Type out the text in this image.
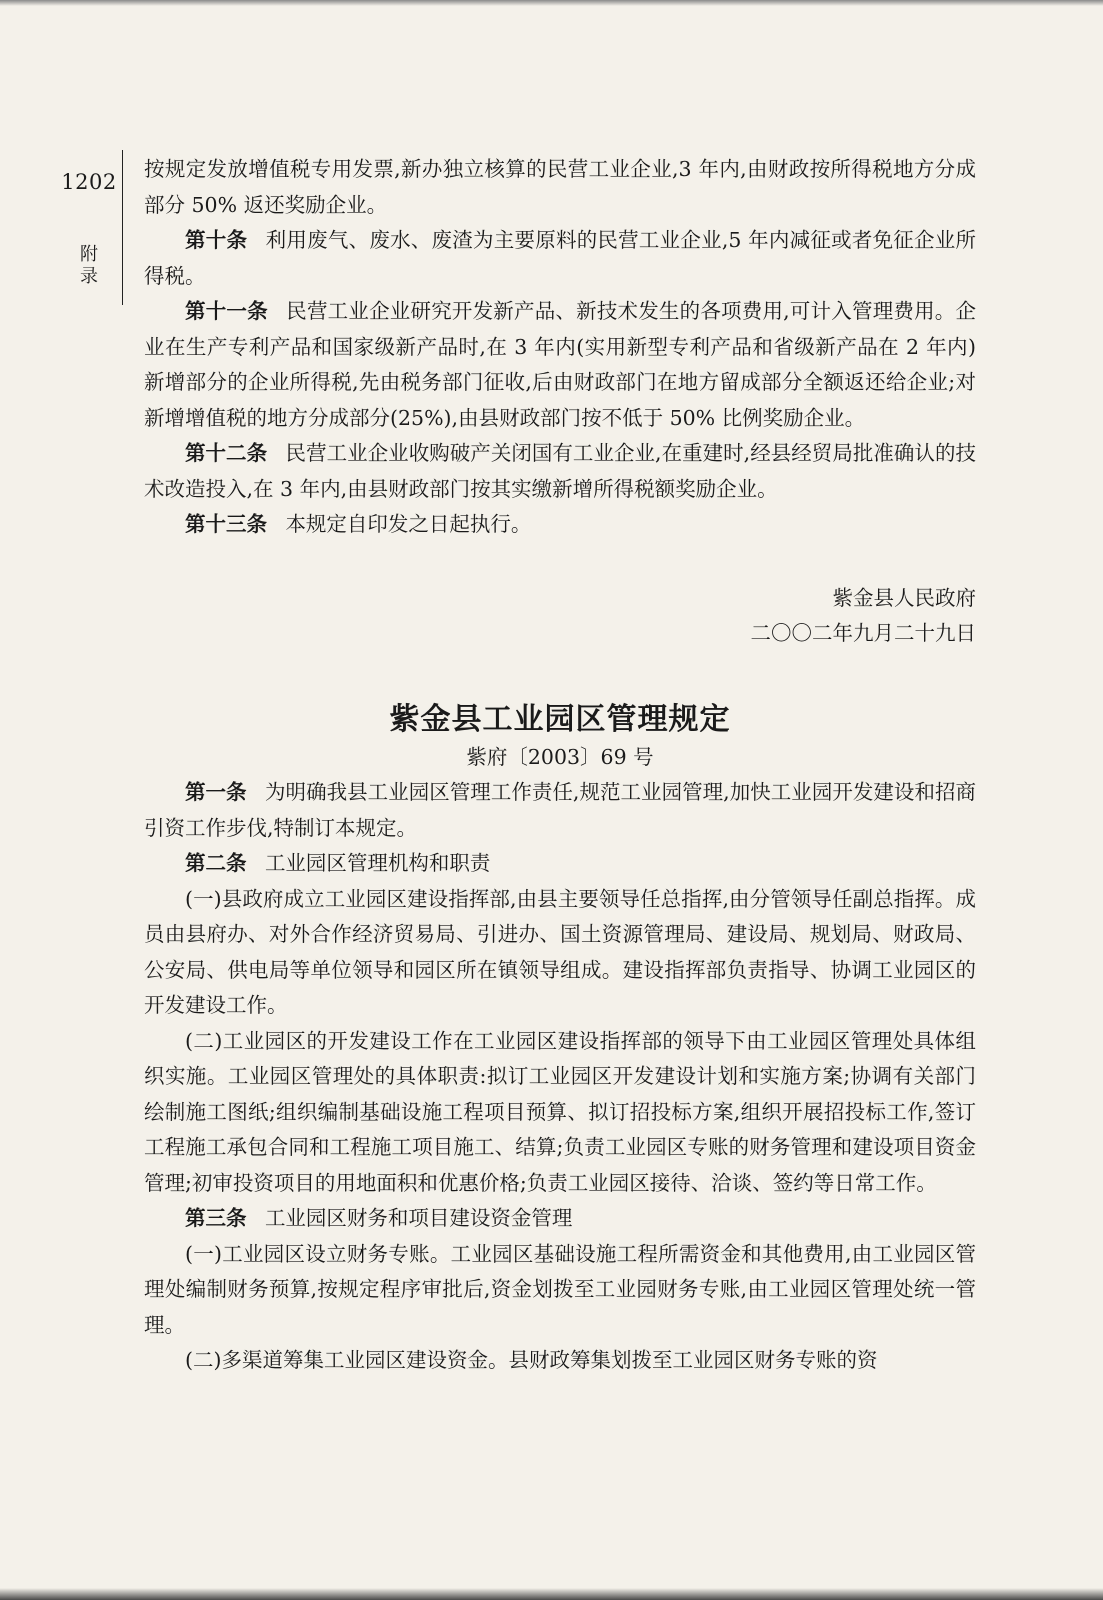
1202
附录

按规定发放增值税专用发票,新办独立核算的民营工业企业,3 年内,由财政按所得税地方分成部分 50% 返还奖励企业。

第十条 利用废气、废水、废渣为主要原料的民营工业企业,5 年内减征或者免征企业所得税。

第十一条 民营工业企业研究开发新产品、新技术发生的各项费用,可计入管理费用。企业在生产专利产品和国家级新产品时,在 3 年内(实用新型专利产品和省级新产品在 2 年内)新增部分的企业所得税,先由税务部门征收,后由财政部门在地方留成部分全额返还给企业;对新增增值税的地方分成部分(25%),由县财政部门按不低于 50% 比例奖励企业。

第十二条 民营工业企业收购破产关闭国有工业企业,在重建时,经县经贸局批准确认的技术改造投入,在 3 年内,由县财政部门按其实缴新增所得税额奖励企业。

第十三条 本规定自印发之日起执行。

紫金县人民政府

二〇〇二年九月二十九日

紫金县工业园区管理规定

紫府〔2003〕69 号

第一条 为明确我县工业园区管理工作责任,规范工业园管理,加快工业园开发建设和招商引资工作步伐,特制订本规定。

第二条 工业园区管理机构和职责

(一)县政府成立工业园区建设指挥部,由县主要领导任总指挥,由分管领导任副总指挥。成员由县府办、对外合作经济贸易局、引进办、国土资源管理局、建设局、规划局、财政局、公安局、供电局等单位领导和园区所在镇领导组成。建设指挥部负责指导、协调工业园区的开发建设工作。

(二)工业园区的开发建设工作在工业园区建设指挥部的领导下由工业园区管理处具体组织实施。工业园区管理处的具体职责:拟订工业园区开发建设计划和实施方案;协调有关部门绘制施工图纸;组织编制基础设施工程项目预算、拟订招投标方案,组织开展招投标工作,签订工程施工承包合同和工程施工项目施工、结算;负责工业园区专账的财务管理和建设项目资金管理;初审投资项目的用地面积和优惠价格;负责工业园区接待、洽谈、签约等日常工作。

第三条 工业园区财务和项目建设资金管理

(一)工业园区设立财务专账。工业园区基础设施工程所需资金和其他费用,由工业园区管理处编制财务预算,按规定程序审批后,资金划拨至工业园财务专账,由工业园区管理处统一管理。

(二)多渠道筹集工业园区建设资金。县财政筹集划拨至工业园区财务专账的资
